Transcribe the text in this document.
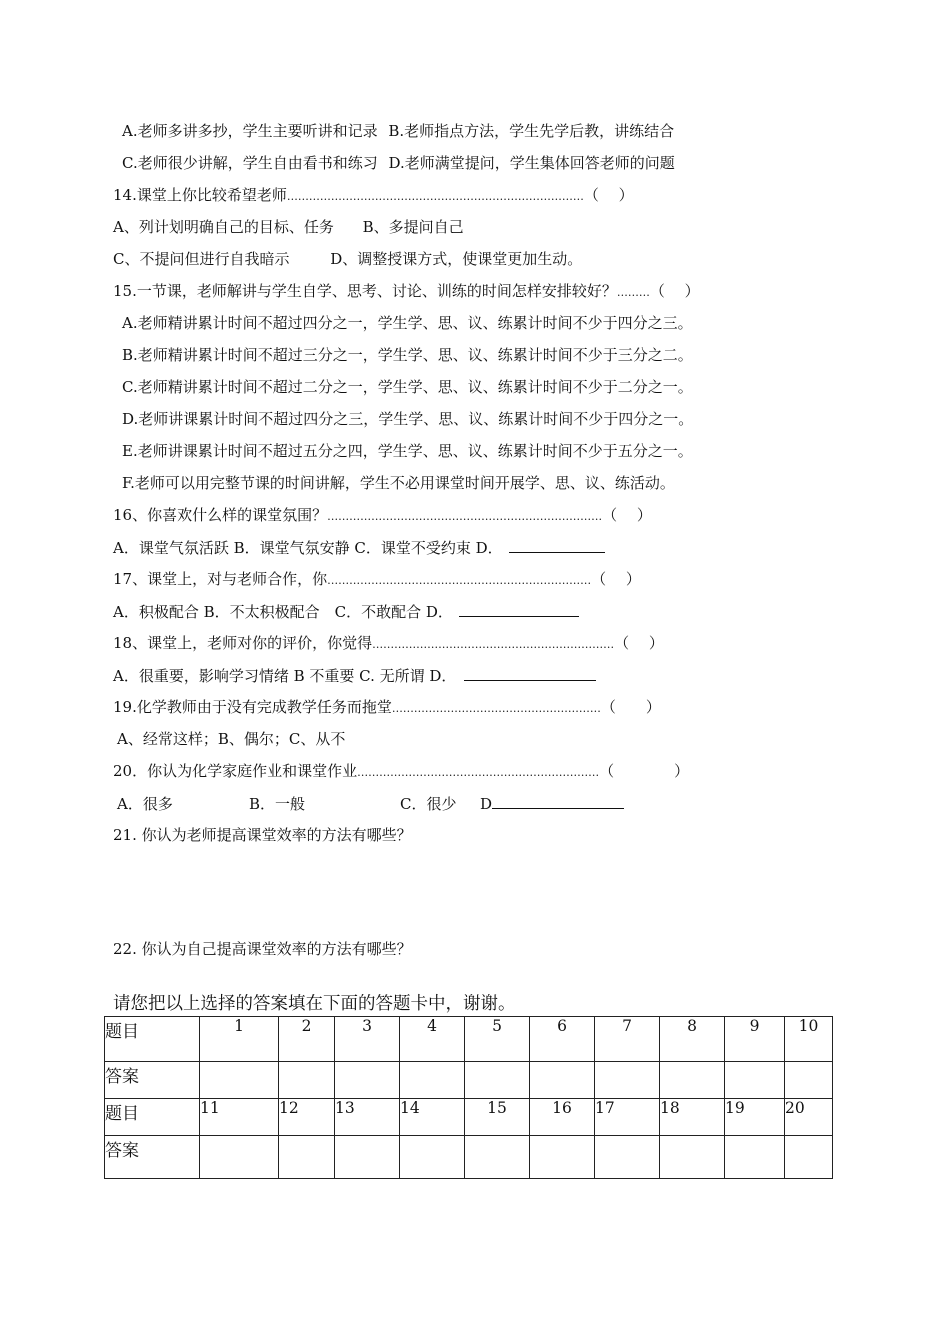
A.老师多讲多抄，学生主要听讲和记录 B.老师指点方法，学生先学后教，讲练结合
C.老师很少讲解，学生自由看书和练习 D.老师满堂提问，学生集体回答老师的问题
14.课堂上你比较希望老师………………………………………………………………………（　 ）
A、列计划明确自己的目标、任务 B、多提问自己
C、不提问但进行自我暗示	D、调整授课方式，使课堂更加生动。
15.一节课，老师解讲与学生自学、思考、讨论、训练的时间怎样安排较好？………（　 ）
A.老师精讲累计时间不超过四分之一，学生学、思、议、练累计时间不少于四分之三。
B.老师精讲累计时间不超过三分之一，学生学、思、议、练累计时间不少于三分之二。
C.老师精讲累计时间不超过二分之一，学生学、思、议、练累计时间不少于二分之一。
D.老师讲课累计时间不超过四分之三，学生学、思、议、练累计时间不少于四分之一。
E.老师讲课累计时间不超过五分之四，学生学、思、议、练累计时间不少于五分之一。
F.老师可以用完整节课的时间讲解，学生不必用课堂时间开展学、思、议、练活动。
16、你喜欢什么样的课堂氛围？…………………………………………………………………（　 ）
A．课堂气氛活跃 B．课堂气氛安静 C．课堂不受约束 D．
17、课堂上，对与老师合作，你………………………………………………………………（　 ）
A．积极配合 B．不太积极配合　C．不敢配合 D．
18、课堂上，老师对你的评价，你觉得…………………………………………………………（　 ）
A．很重要，影响学习情绪 B 不重要 C. 无所谓 D．
19.化学教师由于没有完成教学任务而拖堂…………………………………………………（　　）
A、经常这样；B、偶尔；C、从不
20．你认为化学家庭作业和课堂作业…………………………………………………………（　　　　）
A．很多	B．一般	C．很少 D
21. 你认为老师提高课堂效率的方法有哪些？
22. 你认为自己提高课堂效率的方法有哪些？
请您把以上选择的答案填在下面的答题卡中，谢谢。
题目	1	2	3	4	5	6	7	8	9	10
答案										
题目	11	12	13	14	15	16	17	18	19	20
答案										
